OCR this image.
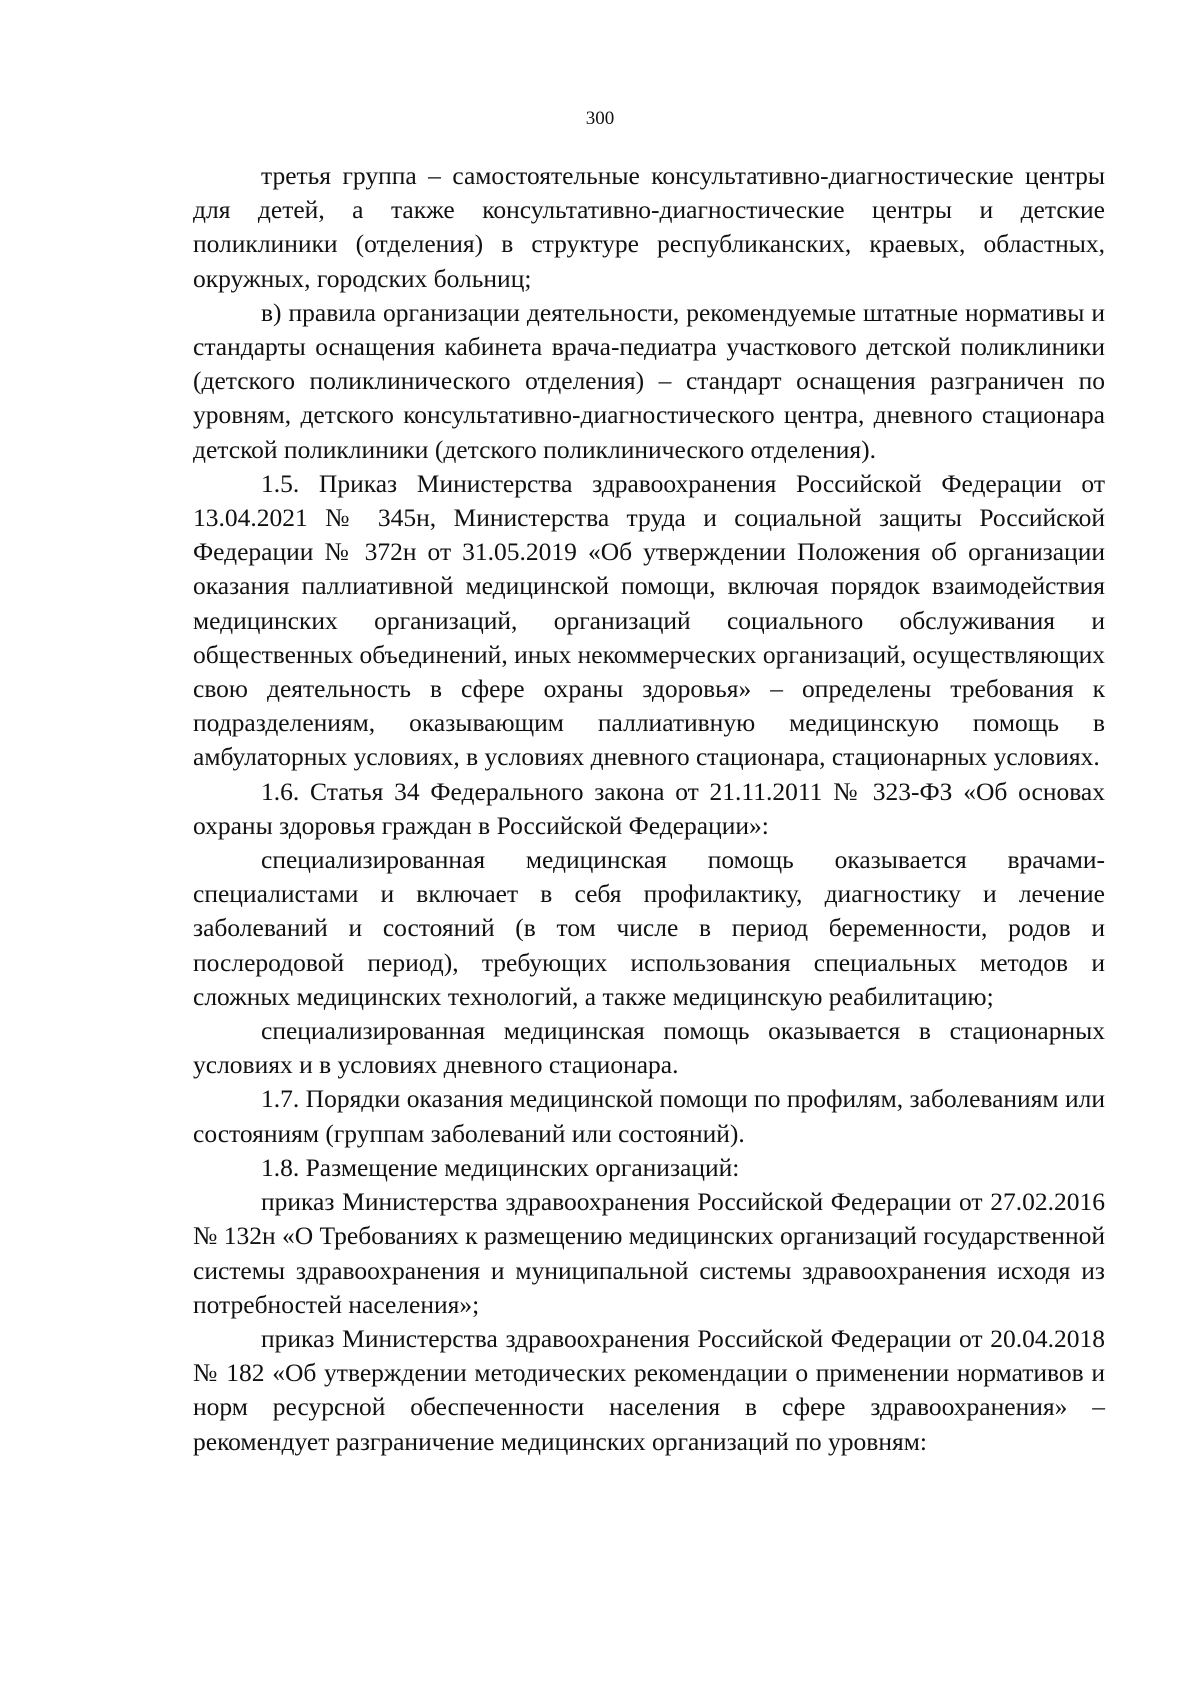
300

третья группа – самостоятельные консультативно-диагностические центры для детей, а также консультативно-диагностические центры и детские поликлиники (отделения) в структуре республиканских, краевых, областных, окружных, городских больниц;

в) правила организации деятельности, рекомендуемые штатные нормативы и стандарты оснащения кабинета врача-педиатра участкового детской поликлиники (детского поликлинического отделения) – стандарт оснащения разграничен по уровням, детского консультативно-диагностического центра, дневного стационара детской поликлиники (детского поликлинического отделения).

1.5. Приказ Министерства здравоохранения Российской Федерации от 13.04.2021 № 345н, Министерства труда и социальной защиты Российской Федерации № 372н от 31.05.2019 «Об утверждении Положения об организации оказания паллиативной медицинской помощи, включая порядок взаимодействия медицинских организаций, организаций социального обслуживания и общественных объединений, иных некоммерческих организаций, осуществляющих свою деятельность в сфере охраны здоровья» – определены требования к подразделениям, оказывающим паллиативную медицинскую помощь в амбулаторных условиях, в условиях дневного стационара, стационарных условиях.

1.6. Статья 34 Федерального закона от 21.11.2011 № 323-ФЗ «Об основах охраны здоровья граждан в Российской Федерации»:

специализированная медицинская помощь оказывается врачами-специалистами и включает в себя профилактику, диагностику и лечение заболеваний и состояний (в том числе в период беременности, родов и послеродовой период), требующих использования специальных методов и сложных медицинских технологий, а также медицинскую реабилитацию;

специализированная медицинская помощь оказывается в стационарных условиях и в условиях дневного стационара.

1.7. Порядки оказания медицинской помощи по профилям, заболеваниям или состояниям (группам заболеваний или состояний).

1.8. Размещение медицинских организаций:

приказ Министерства здравоохранения Российской Федерации от 27.02.2016 № 132н «О Требованиях к размещению медицинских организаций государственной системы здравоохранения и муниципальной системы здравоохранения исходя из потребностей населения»;

приказ Министерства здравоохранения Российской Федерации от 20.04.2018 № 182 «Об утверждении методических рекомендации о применении нормативов и норм ресурсной обеспеченности населения в сфере здравоохранения» – рекомендует разграничение медицинских организаций по уровням:
